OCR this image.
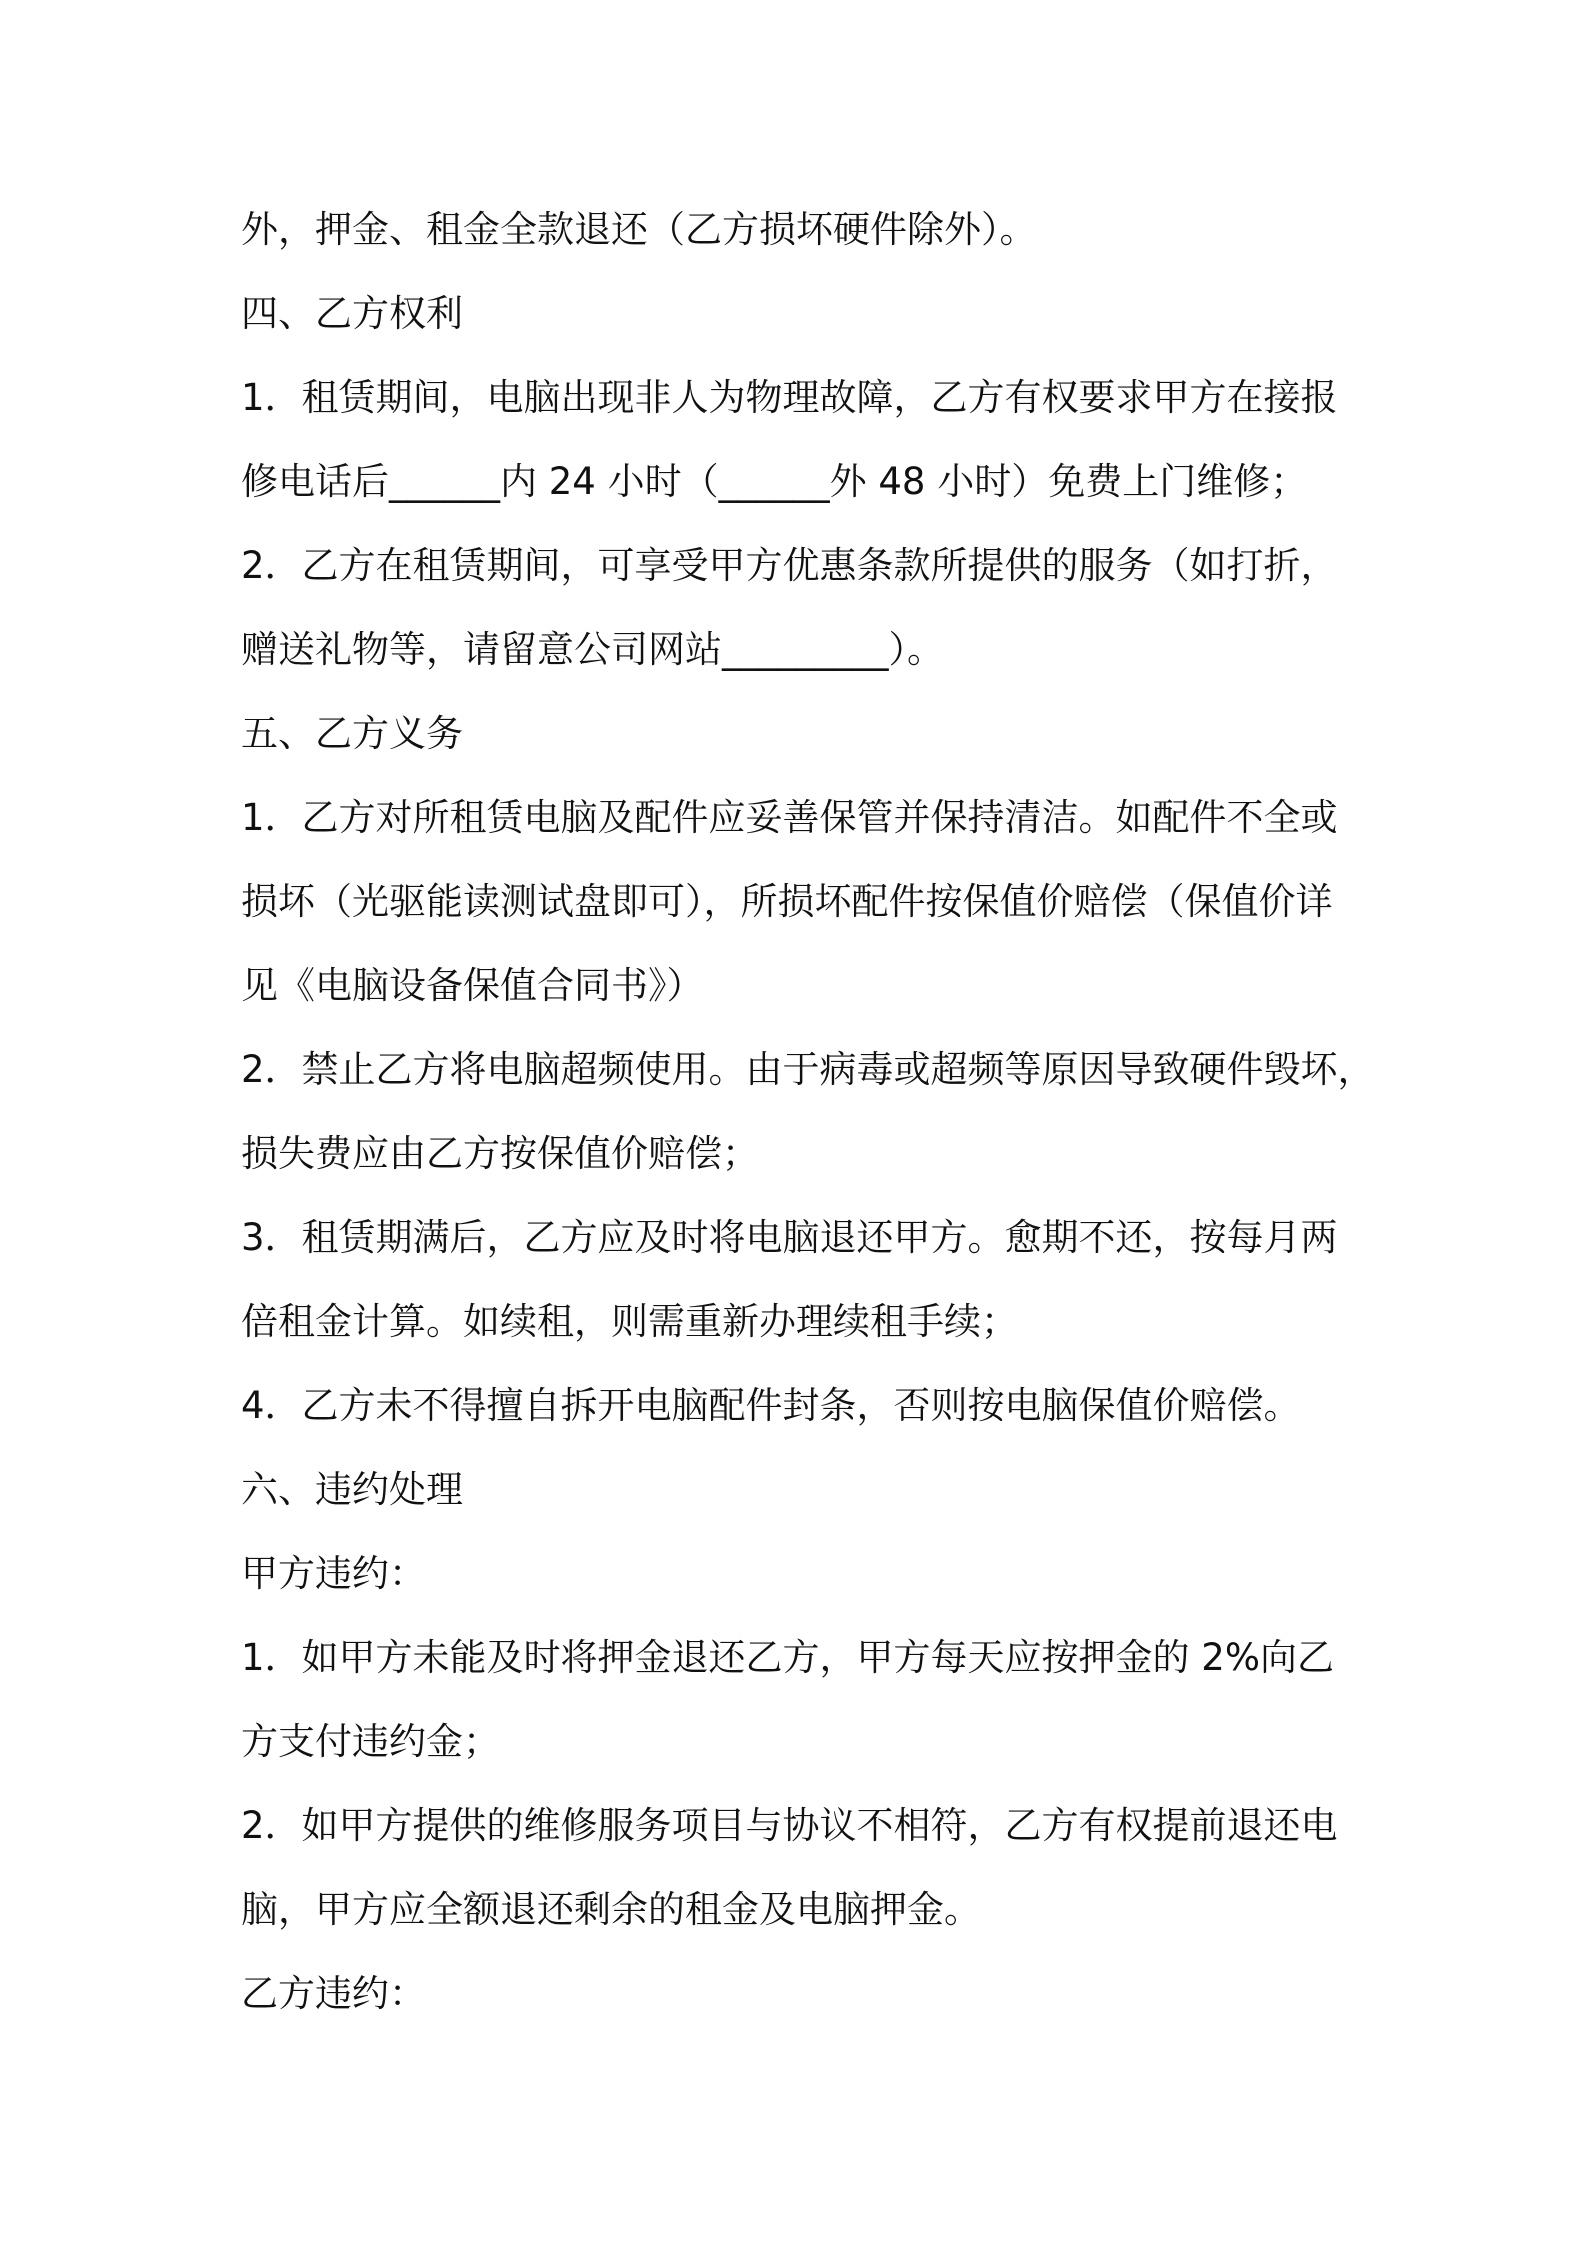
外，押金、租金全款退还（乙方损坏硬件除外）。
四、乙方权利
1．租赁期间，电脑出现非人为物理故障，乙方有权要求甲方在接报
修电话后______内 24 小时（______外 48 小时）免费上门维修；
2．乙方在租赁期间，可享受甲方优惠条款所提供的服务（如打折，
赠送礼物等，请留意公司网站_________）。
五、乙方义务
1．乙方对所租赁电脑及配件应妥善保管并保持清洁。如配件不全或
损坏（光驱能读测试盘即可），所损坏配件按保值价赔偿（保值价详
见《电脑设备保值合同书》）
2．禁止乙方将电脑超频使用。由于病毒或超频等原因导致硬件毁坏，
损失费应由乙方按保值价赔偿；
3．租赁期满后，乙方应及时将电脑退还甲方。愈期不还，按每月两
倍租金计算。如续租，则需重新办理续租手续；
4．乙方未不得擅自拆开电脑配件封条，否则按电脑保值价赔偿。
六、违约处理
甲方违约：
1．如甲方未能及时将押金退还乙方，甲方每天应按押金的 2%向乙
方支付违约金；
2．如甲方提供的维修服务项目与协议不相符，乙方有权提前退还电
脑，甲方应全额退还剩余的租金及电脑押金。
乙方违约：
